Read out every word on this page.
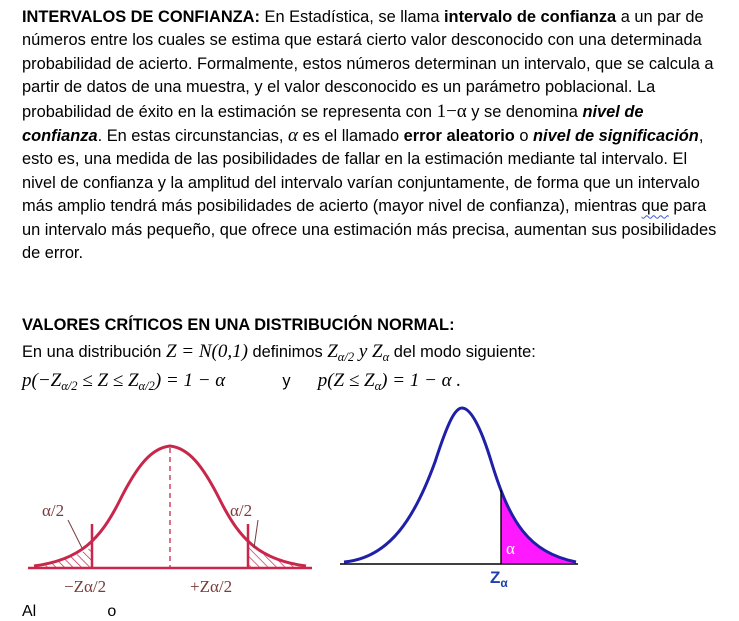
INTERVALOS DE CONFIANZA: En Estadística, se llama intervalo de confianza a un par de números entre los cuales se estima que estará cierto valor desconocido con una determinada probabilidad de acierto. Formalmente, estos números determinan un intervalo, que se calcula a partir de datos de una muestra, y el valor desconocido es un parámetro poblacional. La probabilidad de éxito en la estimación se representa con 1−α y se denomina nivel de confianza. En estas circunstancias, α es el llamado error aleatorio o nivel de significación, esto es, una medida de las posibilidades de fallar en la estimación mediante tal intervalo. El nivel de confianza y la amplitud del intervalo varían conjuntamente, de forma que un intervalo más amplio tendrá más posibilidades de acierto (mayor nivel de confianza), mientras que para un intervalo más pequeño, que ofrece una estimación más precisa, aumentan sus posibilidades de error.
VALORES CRÍTICOS EN UNA DISTRIBUCIÓN NORMAL:
En una distribución Z = N(0,1) definimos $Z_{\alpha/2}$ y $Z_\alpha$ del modo siguiente:
$p(-Z_{\alpha/2} \le Z \le Z_{\alpha/2}) = 1 - \alpha$	y $p(Z \le Z_\alpha) = 1 - \alpha$ .
α/2	α/2
−Zα/2	+Zα/2
α
$Z_\alpha$
Al                o
